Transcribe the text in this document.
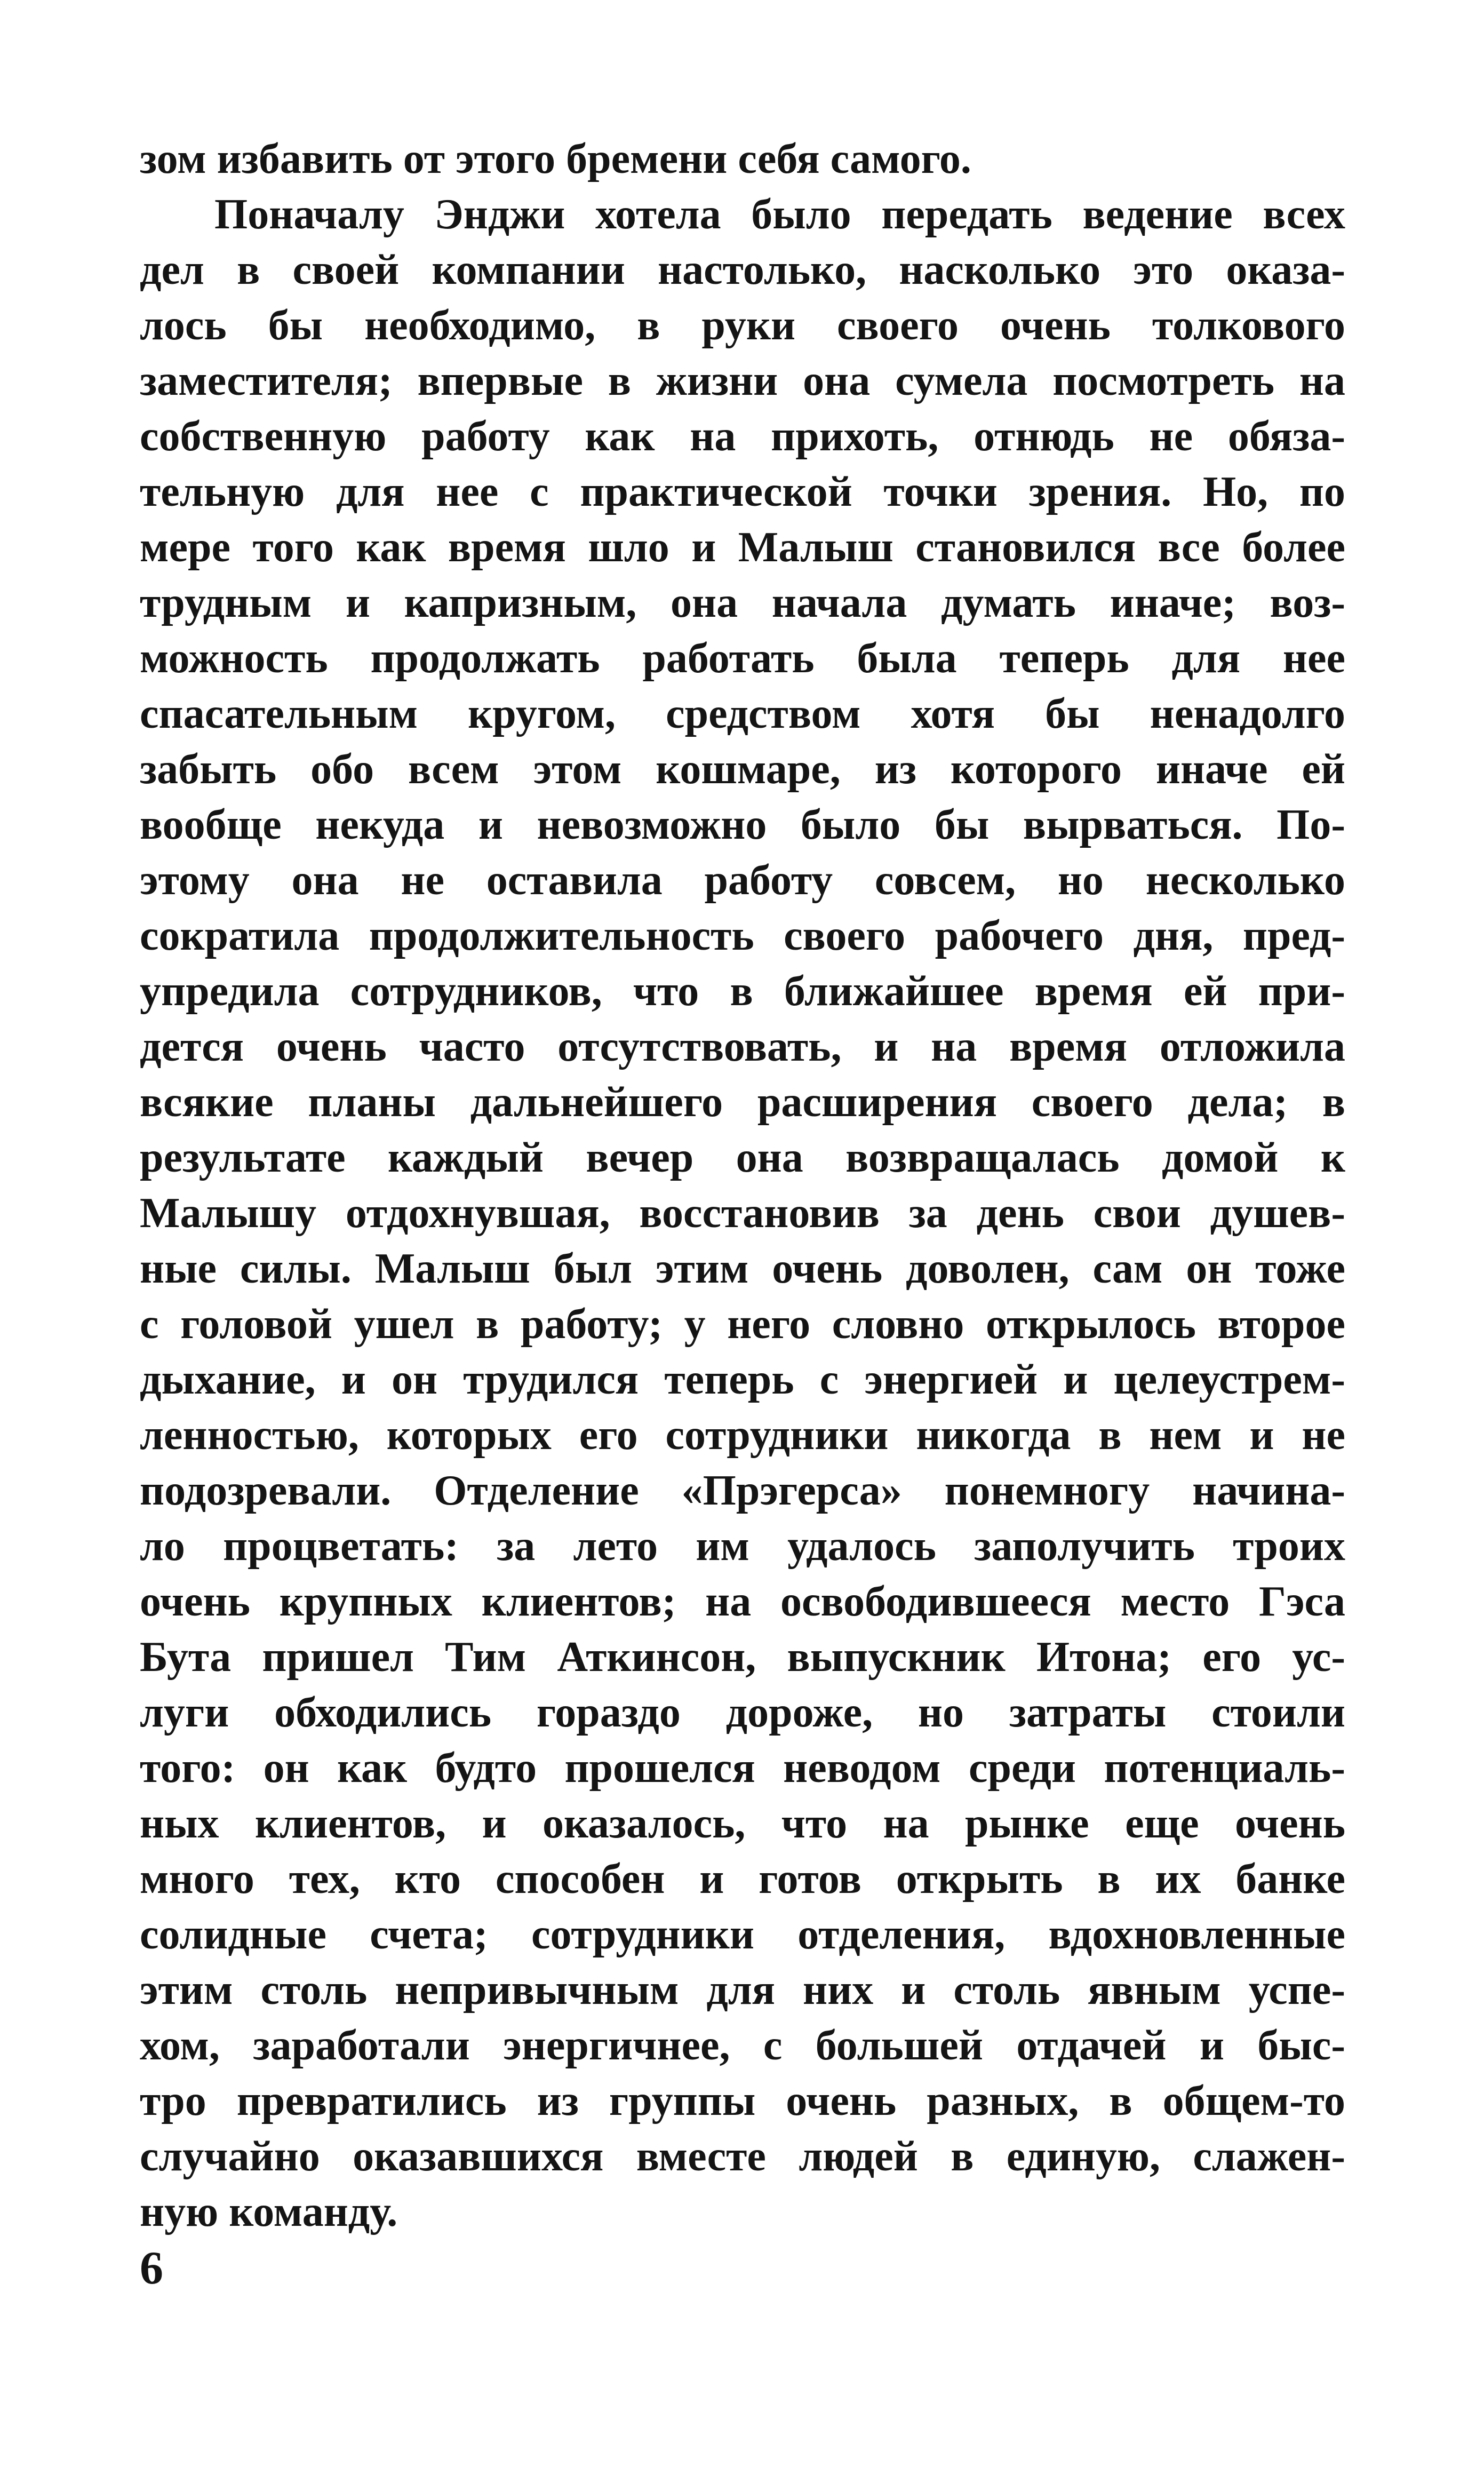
зом избавить от этого бремени себя самого.
Поначалу Энджи хотела было передать ведение всех
дел в своей компании настолько, насколько это оказа-
лось бы необходимо, в руки своего очень толкового
заместителя; впервые в жизни она сумела посмотреть на
собственную работу как на прихоть, отнюдь не обяза-
тельную для нее с практической точки зрения. Но, по
мере того как время шло и Малыш становился все более
трудным и капризным, она начала думать иначе; воз-
можность продолжать работать была теперь для нее
спасательным кругом, средством хотя бы ненадолго
забыть обо всем этом кошмаре, из которого иначе ей
вообще некуда и невозможно было бы вырваться. По-
этому она не оставила работу совсем, но несколько
сократила продолжительность своего рабочего дня, пред-
упредила сотрудников, что в ближайшее время ей при-
дется очень часто отсутствовать, и на время отложила
всякие планы дальнейшего расширения своего дела; в
результате каждый вечер она возвращалась домой к
Малышу отдохнувшая, восстановив за день свои душев-
ные силы. Малыш был этим очень доволен, сам он тоже
с головой ушел в работу; у него словно открылось второе
дыхание, и он трудился теперь с энергией и целеустрем-
ленностью, которых его сотрудники никогда в нем и не
подозревали. Отделение «Прэгерса» понемногу начина-
ло процветать: за лето им удалось заполучить троих
очень крупных клиентов; на освободившееся место Гэса
Бута пришел Тим Аткинсон, выпускник Итона; его ус-
луги обходились гораздо дороже, но затраты стоили
того: он как будто прошелся неводом среди потенциаль-
ных клиентов, и оказалось, что на рынке еще очень
много тех, кто способен и готов открыть в их банке
солидные счета; сотрудники отделения, вдохновленные
этим столь непривычным для них и столь явным успе-
хом, заработали энергичнее, с большей отдачей и быс-
тро превратились из группы очень разных, в общем-то
случайно оказавшихся вместе людей в единую, слажен-
ную команду.
6
